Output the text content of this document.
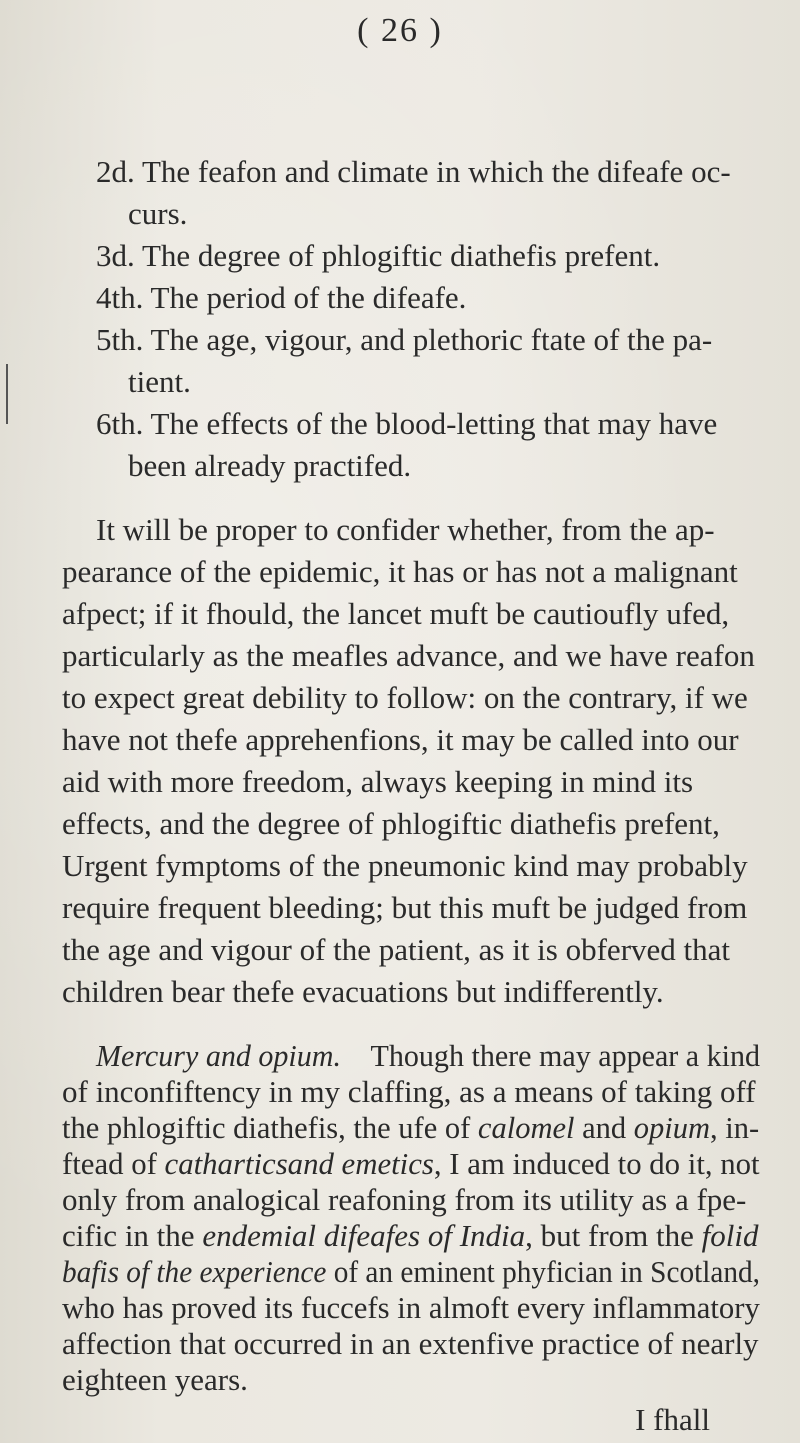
( 26 )
2d. The feafon and climate in which the difeafe oc-
curs.
3d. The degree of phlogiftic diathefis prefent.
4th. The period of the difeafe.
5th. The age, vigour, and plethoric ftate of the pa-
tient.
6th. The effects of the blood-letting that may have
been already practifed.
It will be proper to confider whether, from the ap-
pearance of the epidemic, it has or has not a malignant
afpect; if it fhould, the lancet muft be cautioufly ufed,
particularly as the meafles advance, and we have reafon
to expect great debility to follow: on the contrary, if we
have not thefe apprehenfions, it may be called into our
aid with more freedom, always keeping in mind its
effects, and the degree of phlogiftic diathefis prefent,
Urgent fymptoms of the pneumonic kind may probably
require frequent bleeding; but this muft be judged from
the age and vigour of the patient, as it is obferved that
children bear thefe evacuations but indifferently.
Mercury and opium. Though there may appear a kind
of inconfiftency in my claffing, as a means of taking off
the phlogiftic diathefis, the ufe of calomel and opium, in-
ftead of catharticsand emetics, I am induced to do it, not
only from analogical reafoning from its utility as a fpe-
cific in the endemial difeafes of India, but from the folid
bafis of the experience of an eminent phyfician in Scotland,
who has proved its fuccefs in almoft every inflammatory
affection that occurred in an extenfive practice of nearly
eighteen years.
I fhall
